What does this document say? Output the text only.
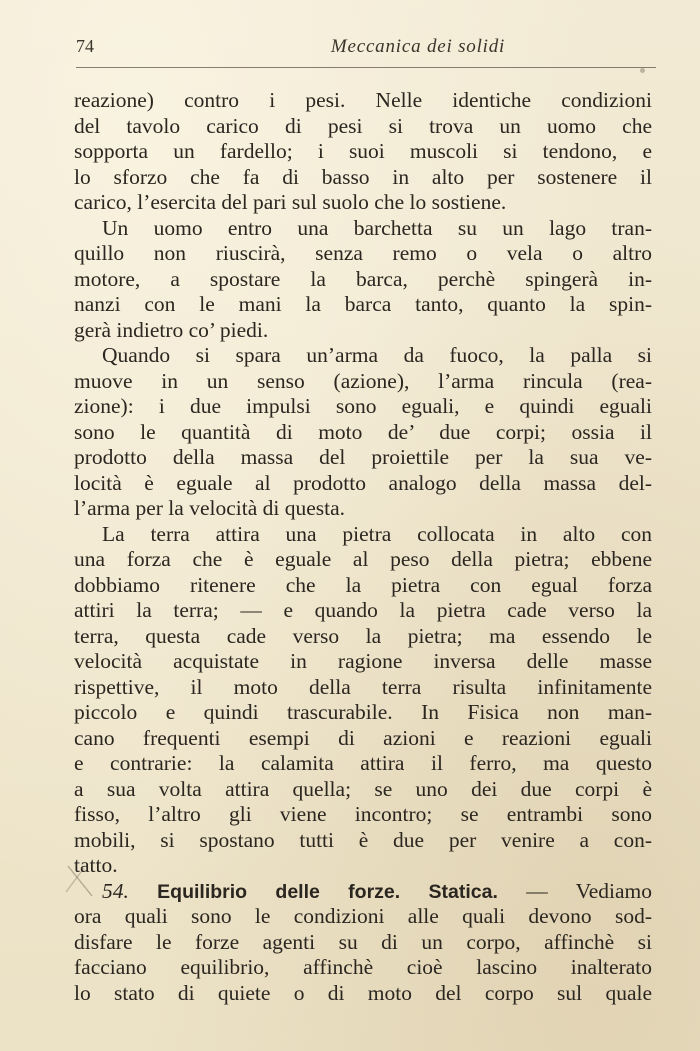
74	Meccanica dei solidi
reazione) contro i pesi. Nelle identiche condizioni
del tavolo carico di pesi si trova un uomo che
sopporta un fardello; i suoi muscoli si tendono, e
lo sforzo che fa di basso in alto per sostenere il
carico, l’esercita del pari sul suolo che lo sostiene.
Un uomo entro una barchetta su un lago tran-
quillo non riuscirà, senza remo o vela o altro
motore, a spostare la barca, perchè spingerà in-
nanzi con le mani la barca tanto, quanto la spin-
gerà indietro co’ piedi.
Quando si spara un’arma da fuoco, la palla si
muove in un senso (azione), l’arma rincula (rea-
zione): i due impulsi sono eguali, e quindi eguali
sono le quantità di moto de’ due corpi; ossia il
prodotto della massa del proiettile per la sua ve-
locità è eguale al prodotto analogo della massa del-
l’arma per la velocità di questa.
La terra attira una pietra collocata in alto con
una forza che è eguale al peso della pietra; ebbene
dobbiamo ritenere che la pietra con egual forza
attiri la terra; — e quando la pietra cade verso la
terra, questa cade verso la pietra; ma essendo le
velocità acquistate in ragione inversa delle masse
rispettive, il moto della terra risulta infinitamente
piccolo e quindi trascurabile. In Fisica non man-
cano frequenti esempi di azioni e reazioni eguali
e contrarie: la calamita attira il ferro, ma questo
a sua volta attira quella; se uno dei due corpi è
fisso, l’altro gli viene incontro; se entrambi sono
mobili, si spostano tutti è due per venire a con-
tatto.
54. Equilibrio delle forze. Statica. — Vediamo
ora quali sono le condizioni alle quali devono sod-
disfare le forze agenti su di un corpo, affinchè si
facciano equilibrio, affinchè cioè lascino inalterato
lo stato di quiete o di moto del corpo sul quale
